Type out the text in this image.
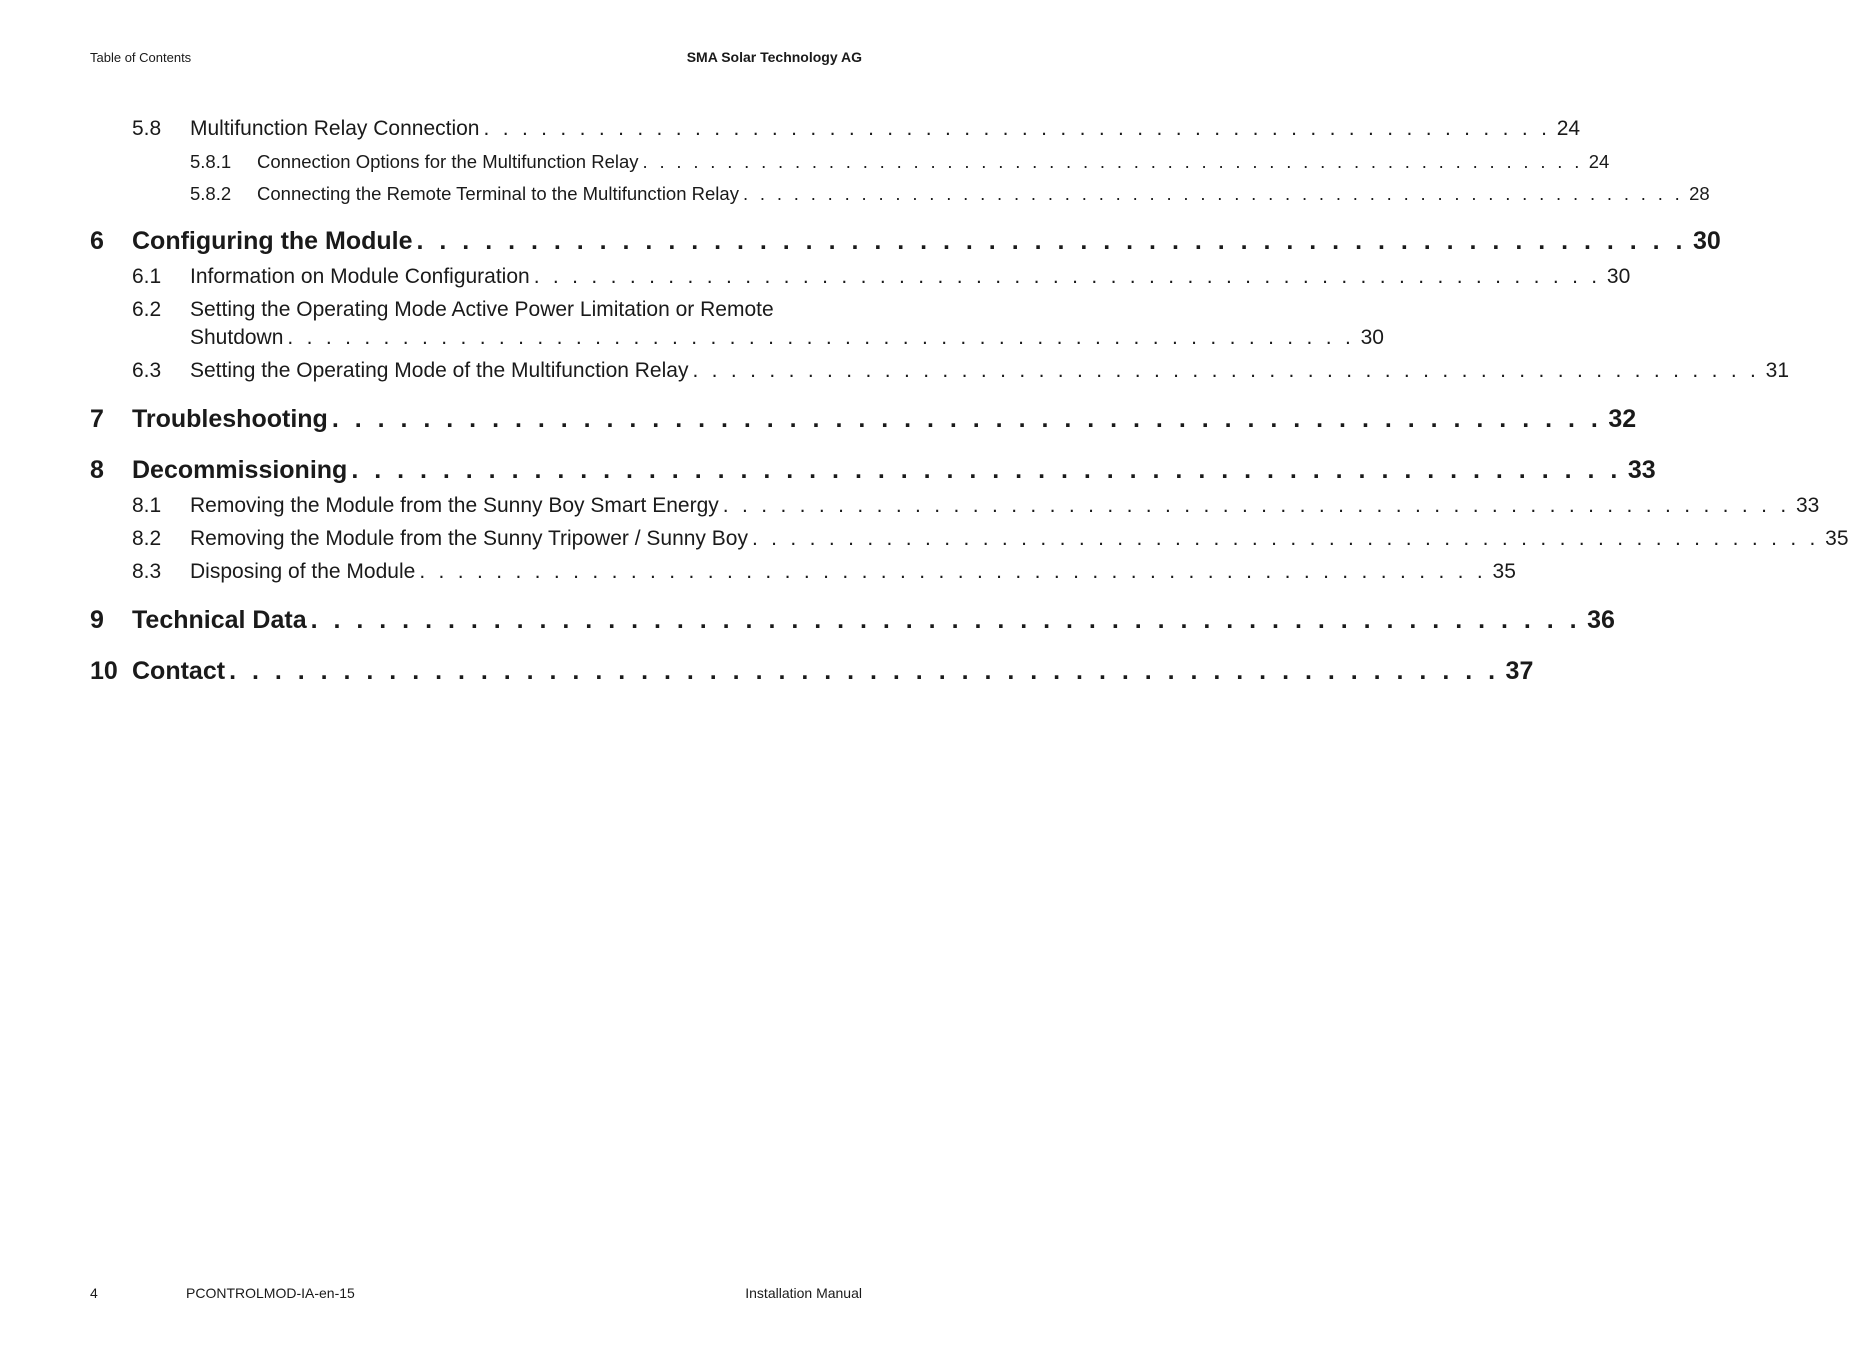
Table of Contents	SMA Solar Technology AG
5.8	Multifunction Relay Connection . . . . . . . . . . . . . . . . . . . . . . . . . . . . . . . . . . . . . . . . . . . . . . . . . . . . . . . . 24
5.8.1	Connection Options for the Multifunction Relay . . . . . . . . . . . . . . . . . . . . . . . . . . . . . . . . . . . . . . . . . . . . . . . . . . . . . . . . 24
5.8.2	Connecting the Remote Terminal to the Multifunction Relay . . . . . . . . . . . . . . . . . . . . . . . . . . . . . . . . . . . . . . . . . . . . . . . . . . . . . . . . 28
6	Configuring the Module . . . . . . . . . . . . . . . . . . . . . . . . . . . . . . . . . . . . . . . . . . . . . . . . . . . . . . . . 30
6.1	Information on Module Configuration . . . . . . . . . . . . . . . . . . . . . . . . . . . . . . . . . . . . . . . . . . . . . . . . . . . . . . . . 30
6.2	Setting the Operating Mode Active Power Limitation or Remote
Shutdown . . . . . . . . . . . . . . . . . . . . . . . . . . . . . . . . . . . . . . . . . . . . . . . . . . . . . . . . 30
6.3	Setting the Operating Mode of the Multifunction Relay . . . . . . . . . . . . . . . . . . . . . . . . . . . . . . . . . . . . . . . . . . . . . . . . . . . . . . . . 31
7	Troubleshooting . . . . . . . . . . . . . . . . . . . . . . . . . . . . . . . . . . . . . . . . . . . . . . . . . . . . . . . . 32
8	Decommissioning . . . . . . . . . . . . . . . . . . . . . . . . . . . . . . . . . . . . . . . . . . . . . . . . . . . . . . . . 33
8.1	Removing the Module from the Sunny Boy Smart Energy . . . . . . . . . . . . . . . . . . . . . . . . . . . . . . . . . . . . . . . . . . . . . . . . . . . . . . . . 33
8.2	Removing the Module from the Sunny Tripower / Sunny Boy . . . . . . . . . . . . . . . . . . . . . . . . . . . . . . . . . . . . . . . . . . . . . . . . . . . . . . . . 35
8.3	Disposing of the Module . . . . . . . . . . . . . . . . . . . . . . . . . . . . . . . . . . . . . . . . . . . . . . . . . . . . . . . . 35
9	Technical Data . . . . . . . . . . . . . . . . . . . . . . . . . . . . . . . . . . . . . . . . . . . . . . . . . . . . . . . . 36
10 Contact . . . . . . . . . . . . . . . . . . . . . . . . . . . . . . . . . . . . . . . . . . . . . . . . . . . . . . . . 37
4	PCONTROLMOD-IA-en-15	Installation Manual
